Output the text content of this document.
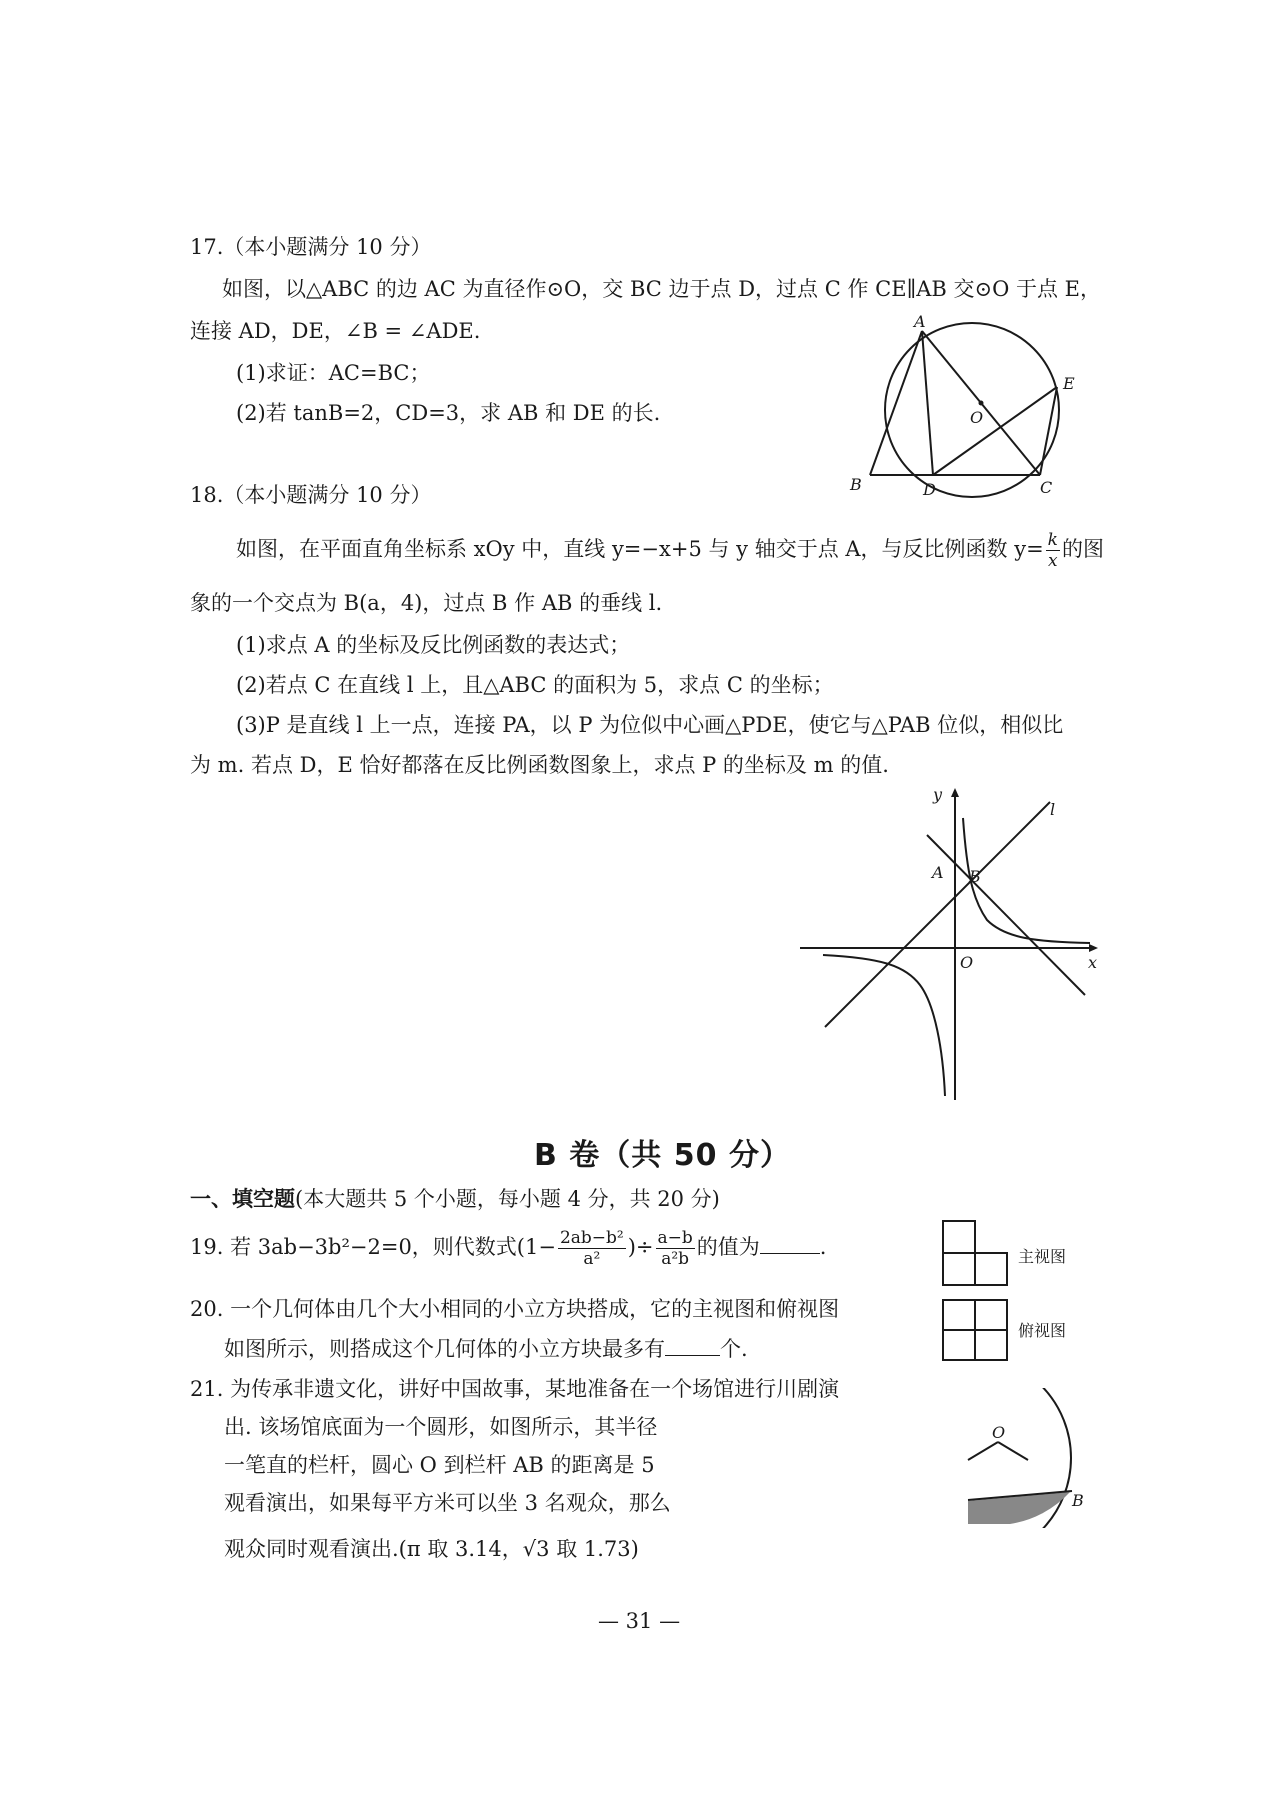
17.（本小题满分 10 分）
如图，以△ABC 的边 AC 为直径作⊙O，交 BC 边于点 D，过点 C 作 CE∥AB 交⊙O 于点 E，
连接 AD，DE，∠B = ∠ADE.
(1)求证：AC=BC；
(2)若 tanB=2，CD=3，求 AB 和 DE 的长.
A
B	C
D
E
O
18.（本小题满分 10 分）
如图，在平面直角坐标系 xOy 中，直线 y=−x+5 与 y 轴交于点 A，与反比例函数 $y= \frac{k}{x}$ 的图
象的一个交点为 B(a，4)，过点 B 作 AB 的垂线 l.
(1)求点 A 的坐标及反比例函数的表达式；
(2)若点 C 在直线 l 上，且△ABC 的面积为 5，求点 C 的坐标；
(3)P 是直线 l 上一点，连接 PA，以 P 为位似中心画△PDE，使它与△PAB 位似，相似比
为 m. 若点 D，E 恰好都落在反比例函数图象上，求点 P 的坐标及 m 的值.
y
x
O
A B
l
B 卷（共 50 分）
一、填空题(本大题共 5 个小题，每小题 4 分，共 20 分)
19. 若 3ab−3b²−2=0，则代数式($1- \frac{\text{2ab−b²}}{\text{a²}}$ )÷ $\frac{a-b}{\text{a²b}}$ 的值为	.
20. 一个几何体由几个大小相同的小立方块搭成，它的主视图和俯视图
如图所示，则搭成这个几何体的小立方块最多有	个.
主视图
俯视图
21. 为传承非遗文化，讲好中国故事，某地准备在一个场馆进行川剧演
出. 该场馆底面为一个圆形，如图所示，其半径
一笔直的栏杆，圆心 O 到栏杆 AB 的距离是 5
观看演出，如果每平方米可以坐 3 名观众，那么
观众同时观看演出.(π 取 3.14，√3 取 1.73)
O
B
— 31 —
